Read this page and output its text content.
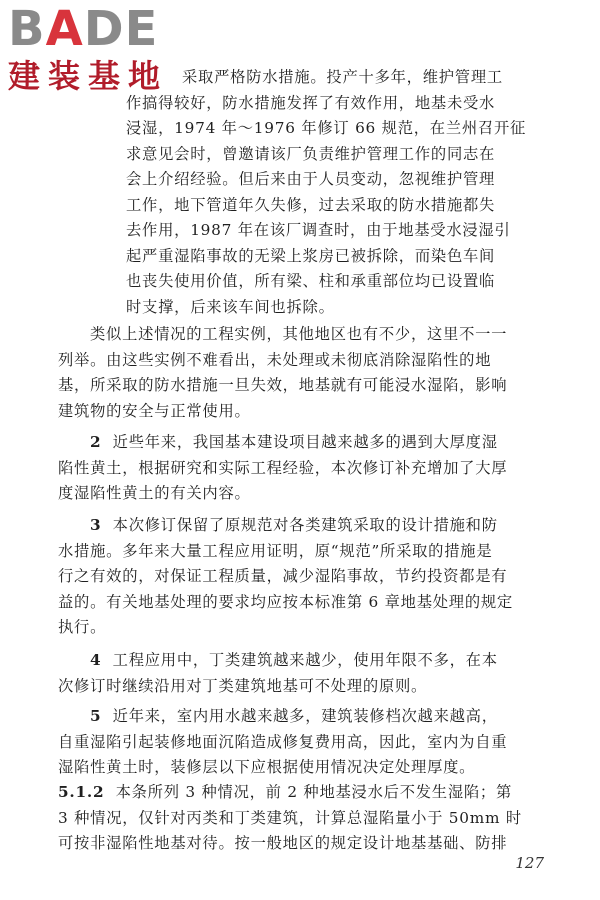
BADE
建装基地 采取严格防水措施。投产十多年，维护管理工
作搞得较好，防水措施发挥了有效作用，地基未受水
浸湿，1974 年～1976 年修订 66 规范，在兰州召开征
求意见会时，曾邀请该厂负责维护管理工作的同志在
会上介绍经验。但后来由于人员变动，忽视维护管理
工作，地下管道年久失修，过去采取的防水措施都失
去作用，1987 年在该厂调查时，由于地基受水浸湿引
起严重湿陷事故的无梁上浆房已被拆除，而染色车间
也丧失使用价值，所有梁、柱和承重部位均已设置临
时支撑，后来该车间也拆除。
类似上述情况的工程实例，其他地区也有不少，这里不一一
列举。由这些实例不难看出，未处理或未彻底消除湿陷性的地
基，所采取的防水措施一旦失效，地基就有可能浸水湿陷，影响
建筑物的安全与正常使用。
2 近些年来，我国基本建设项目越来越多的遇到大厚度湿
陷性黄土，根据研究和实际工程经验，本次修订补充增加了大厚
度湿陷性黄土的有关内容。
3 本次修订保留了原规范对各类建筑采取的设计措施和防
水措施。多年来大量工程应用证明，原“规范”所采取的措施是
行之有效的，对保证工程质量，减少湿陷事故，节约投资都是有
益的。有关地基处理的要求均应按本标准第 6 章地基处理的规定
执行。
4 工程应用中，丁类建筑越来越少，使用年限不多，在本
次修订时继续沿用对丁类建筑地基可不处理的原则。
5 近年来，室内用水越来越多，建筑装修档次越来越高，
自重湿陷引起装修地面沉陷造成修复费用高，因此，室内为自重
湿陷性黄土时，装修层以下应根据使用情况决定处理厚度。
5.1.2 本条所列 3 种情况，前 2 种地基浸水后不发生湿陷；第
3 种情况，仅针对丙类和丁类建筑，计算总湿陷量小于 50mm 时
可按非湿陷性地基对待。按一般地区的规定设计地基基础、防排
127
